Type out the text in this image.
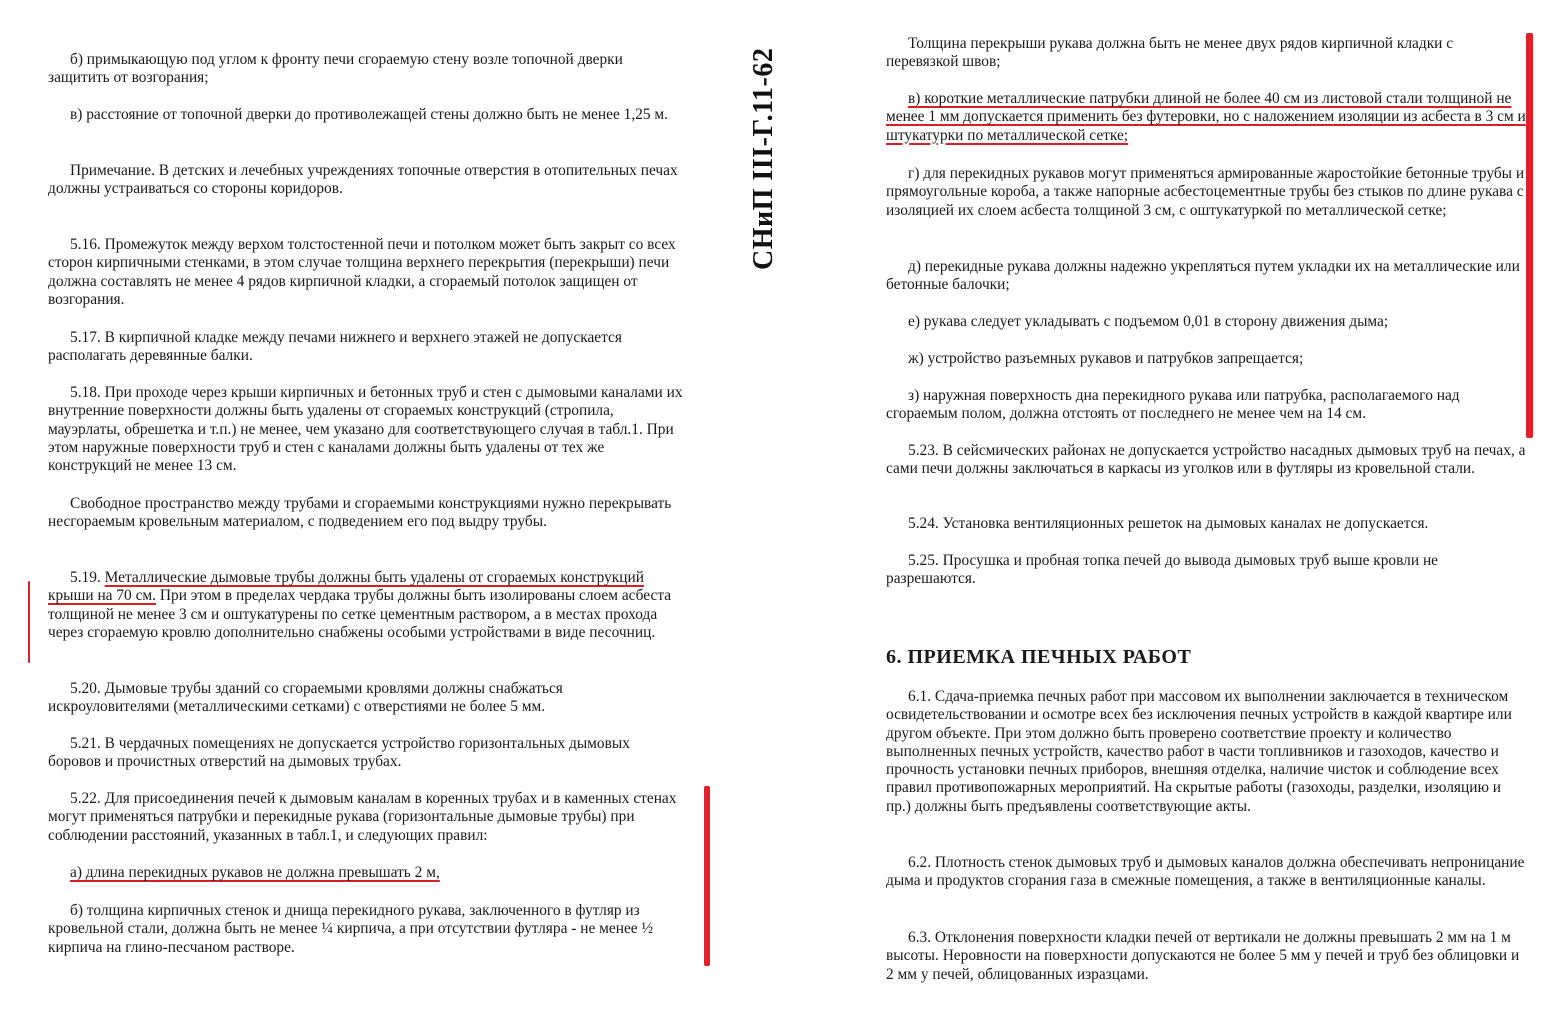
б) примыкающую под углом к фронту печи сгораемую стену возле топочной дверки защитить от возгорания;

в) расстояние от топочной дверки до противолежащей стены должно быть не менее 1,25 м.

Примечание. В детских и лечебных учреждениях топочные отверстия в отопительных печах должны устраиваться со стороны коридоров.

5.16. Промежуток между верхом толстостенной печи и потолком может быть закрыт со всех сторон кирпичными стенками, в этом случае толщина верхнего перекрытия (перекрыши) печи должна составлять не менее 4 рядов кирпичной кладки, а сгораемый потолок защищен от возгорания.

5.17. В кирпичной кладке между печами нижнего и верхнего этажей не допускается располагать деревянные балки.

5.18. При проходе через крыши кирпичных и бетонных труб и стен с дымовыми каналами их внутренние поверхности должны быть удалены от сгораемых конструкций (стропила, мауэрлаты, обрешетка и т.п.) не менее, чем указано для соответствующего случая в табл.1. При этом наружные поверхности труб и стен с каналами должны быть удалены от тех же конструкций не менее 13 см.

Свободное пространство между трубами и сгораемыми конструкциями нужно перекрывать несгораемым кровельным материалом, с подведением его под выдру трубы.

5.19. Металлические дымовые трубы должны быть удалены от сгораемых конструкций крыши на 70 см. При этом в пределах чердака трубы должны быть изолированы слоем асбеста толщиной не менее 3 см и оштукатурены по сетке цементным раствором, а в местах прохода через сгораемую кровлю дополнительно снабжены особыми устройствами в виде песочниц.

5.20. Дымовые трубы зданий со сгораемыми кровлями должны снабжаться искроуловителями (металлическими сетками) с отверстиями не более 5 мм.

5.21. В чердачных помещениях не допускается устройство горизонтальных дымовых боровов и прочистных отверстий на дымовых трубах.

5.22. Для присоединения печей к дымовым каналам в коренных трубах и в каменных стенах могут применяться патрубки и перекидные рукава (горизонтальные дымовые трубы) при соблюдении расстояний, указанных в табл.1, и следующих правил:

а) длина перекидных рукавов не должна превышать 2 м,

б) толщина кирпичных стенок и днища перекидного рукава, заключенного в футляр из кровельной стали, должна быть не менее ¼ кирпича, а при отсутствии футляра - не менее ½ кирпича на глино-песчаном растворе.

СНиП III-Г.11-62

Толщина перекрыши рукава должна быть не менее двух рядов кирпичной кладки с перевязкой швов;

в) короткие металлические патрубки длиной не более 40 см из листовой стали толщиной не менее 1 мм допускается применить без футеровки, но с наложением изоляции из асбеста в 3 см и штукатурки по металлической сетке;

г) для перекидных рукавов могут применяться армированные жаростойкие бетонные трубы и прямоугольные короба, а также напорные асбестоцементные трубы без стыков по длине рукава с изоляцией их слоем асбеста толщиной 3 см, с оштукатуркой по металлической сетке;

д) перекидные рукава должны надежно укрепляться путем укладки их на металлические или бетонные балочки;

е) рукава следует укладывать с подъемом 0,01 в сторону движения дыма;

ж) устройство разъемных рукавов и патрубков запрещается;

з) наружная поверхность дна перекидного рукава или патрубка, располагаемого над сгораемым полом, должна отстоять от последнего не менее чем на 14 см.

5.23. В сейсмических районах не допускается устройство насадных дымовых труб на печах, а сами печи должны заключаться в каркасы из уголков или в футляры из кровельной стали.

5.24. Установка вентиляционных решеток на дымовых каналах не допускается.

5.25. Просушка и пробная топка печей до вывода дымовых труб выше кровли не разрешаются.

6. ПРИЕМКА ПЕЧНЫХ РАБОТ

6.1. Сдача-приемка печных работ при массовом их выполнении заключается в техническом освидетельствовании и осмотре всех без исключения печных устройств в каждой квартире или другом объекте. При этом должно быть проверено соответствие проекту и количество выполненных печных устройств, качество работ в части топливников и газоходов, качество и прочность установки печных приборов, внешняя отделка, наличие чисток и соблюдение всех правил противопожарных мероприятий. На скрытые работы (газоходы, разделки, изоляцию и пр.) должны быть предъявлены соответствующие акты.

6.2. Плотность стенок дымовых труб и дымовых каналов должна обеспечивать непроницание дыма и продуктов сгорания газа в смежные помещения, а также в вентиляционные каналы.

6.3. Отклонения поверхности кладки печей от вертикали не должны превышать 2 мм на 1 м высоты. Неровности на поверхности допускаются не более 5 мм у печей и труб без облицовки и 2 мм у печей, облицованных изразцами.
